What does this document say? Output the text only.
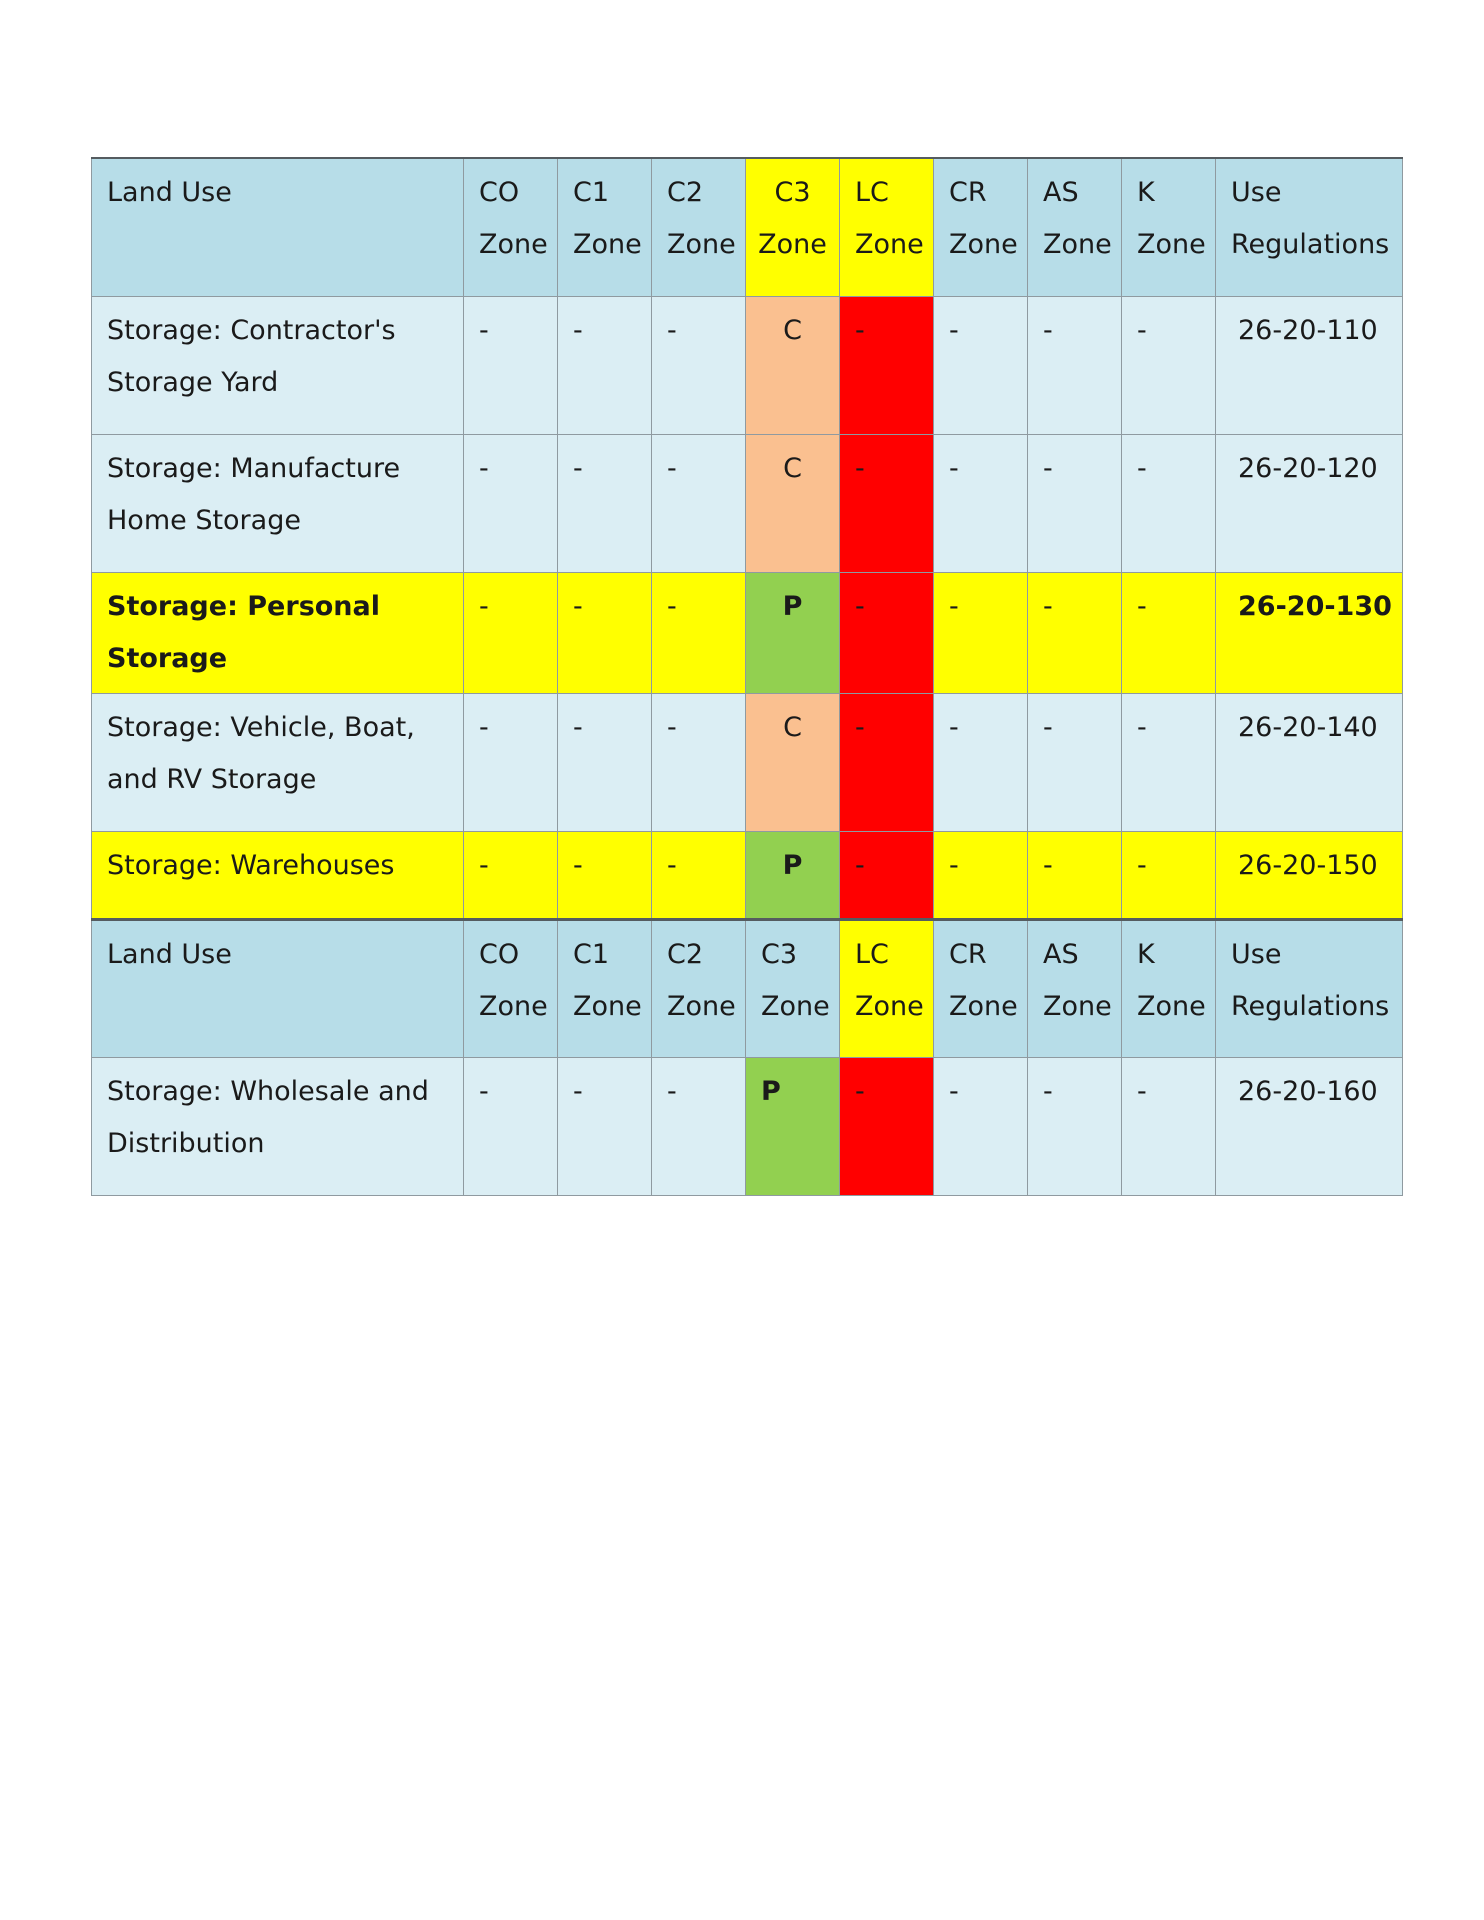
Land Use	CO Zone	C1 Zone	C2 Zone	C3 Zone	LC Zone	CR Zone	AS Zone	K Zone	Use Regulations
Storage: Contractor's Storage Yard	-	-	-	C	-	-	-	-	26-20-110
Storage: Manufacture Home Storage	-	-	-	C	-	-	-	-	26-20-120
Storage: Personal Storage	-	-	-	P	-	-	-	-	26-20-130
Storage: Vehicle, Boat, and RV Storage	-	-	-	C	-	-	-	-	26-20-140
Storage: Warehouses	-	-	-	P	-	-	-	-	26-20-150
Land Use	CO Zone	C1 Zone	C2 Zone	C3 Zone	LC Zone	CR Zone	AS Zone	K Zone	Use Regulations
Storage: Wholesale and Distribution	-	-	-	P	-	-	-	-	26-20-160
